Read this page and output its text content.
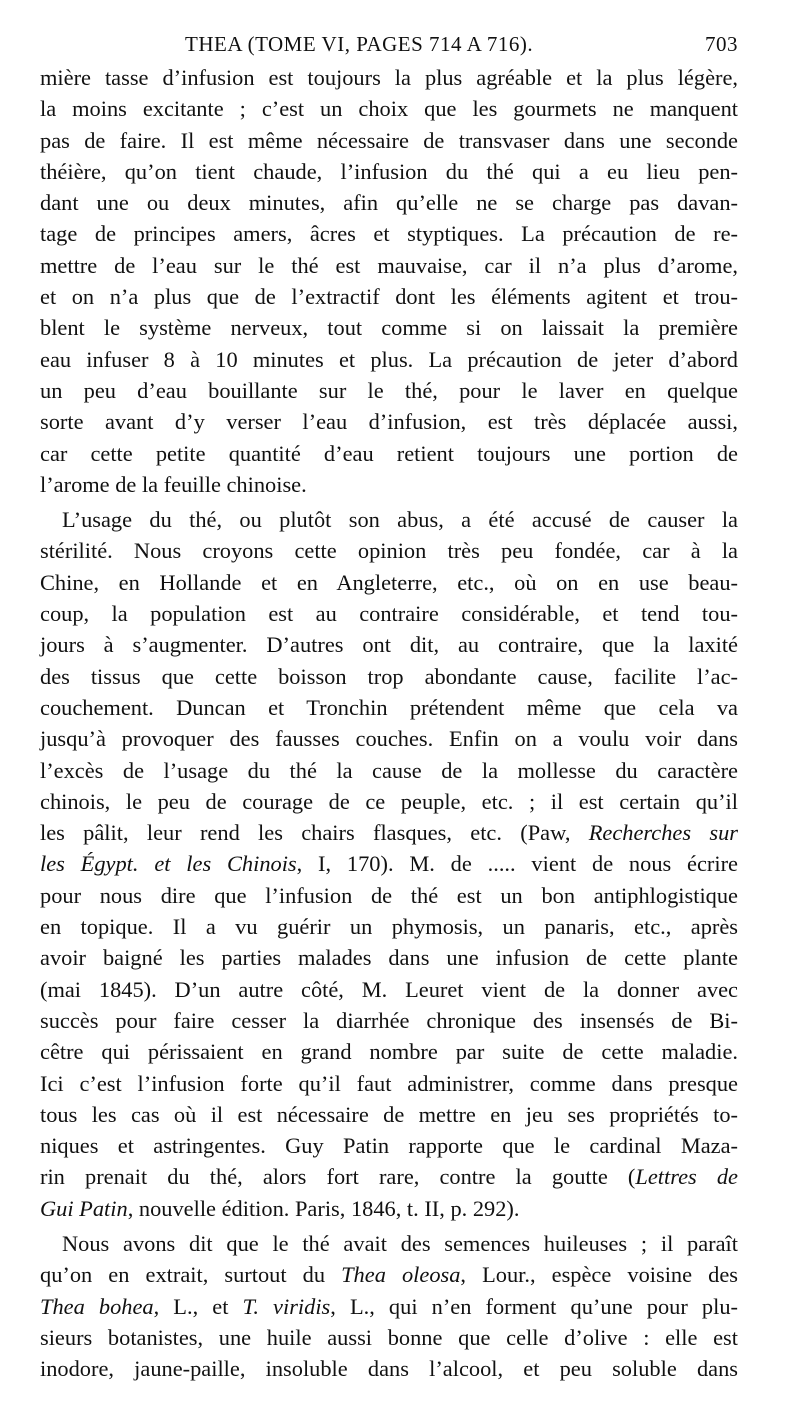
THEA (TOME VI, PAGES 714 A 716).	703
mière tasse d’infusion est toujours la plus agréable et la plus légère,
la moins excitante ; c’est un choix que les gourmets ne manquent
pas de faire. Il est même nécessaire de transvaser dans une seconde
théière, qu’on tient chaude, l’infusion du thé qui a eu lieu pen-
dant une ou deux minutes, afin qu’elle ne se charge pas davan-
tage de principes amers, âcres et styptiques. La précaution de re-
mettre de l’eau sur le thé est mauvaise, car il n’a plus d’arome,
et on n’a plus que de l’extractif dont les éléments agitent et trou-
blent le système nerveux, tout comme si on laissait la première
eau infuser 8 à 10 minutes et plus. La précaution de jeter d’abord
un peu d’eau bouillante sur le thé, pour le laver en quelque
sorte avant d’y verser l’eau d’infusion, est très déplacée aussi,
car cette petite quantité d’eau retient toujours une portion de
l’arome de la feuille chinoise.
L’usage du thé, ou plutôt son abus, a été accusé de causer la
stérilité. Nous croyons cette opinion très peu fondée, car à la
Chine, en Hollande et en Angleterre, etc., où on en use beau-
coup, la population est au contraire considérable, et tend tou-
jours à s’augmenter. D’autres ont dit, au contraire, que la laxité
des tissus que cette boisson trop abondante cause, facilite l’ac-
couchement. Duncan et Tronchin prétendent même que cela va
jusqu’à provoquer des fausses couches. Enfin on a voulu voir dans
l’excès de l’usage du thé la cause de la mollesse du caractère
chinois, le peu de courage de ce peuple, etc. ; il est certain qu’il
les pâlit, leur rend les chairs flasques, etc. (Paw, Recherches sur
les Égypt. et les Chinois, I, 170). M. de ..... vient de nous écrire
pour nous dire que l’infusion de thé est un bon antiphlogistique
en topique. Il a vu guérir un phymosis, un panaris, etc., après
avoir baigné les parties malades dans une infusion de cette plante
(mai 1845). D’un autre côté, M. Leuret vient de la donner avec
succès pour faire cesser la diarrhée chronique des insensés de Bi-
cêtre qui périssaient en grand nombre par suite de cette maladie.
Ici c’est l’infusion forte qu’il faut administrer, comme dans presque
tous les cas où il est nécessaire de mettre en jeu ses propriétés to-
niques et astringentes. Guy Patin rapporte que le cardinal Maza-
rin prenait du thé, alors fort rare, contre la goutte (Lettres de
Gui Patin, nouvelle édition. Paris, 1846, t. II, p. 292).
Nous avons dit que le thé avait des semences huileuses ; il paraît
qu’on en extrait, surtout du Thea oleosa, Lour., espèce voisine des
Thea bohea, L., et T. viridis, L., qui n’en forment qu’une pour plu-
sieurs botanistes, une huile aussi bonne que celle d’olive : elle est
inodore, jaune-paille, insoluble dans l’alcool, et peu soluble dans
